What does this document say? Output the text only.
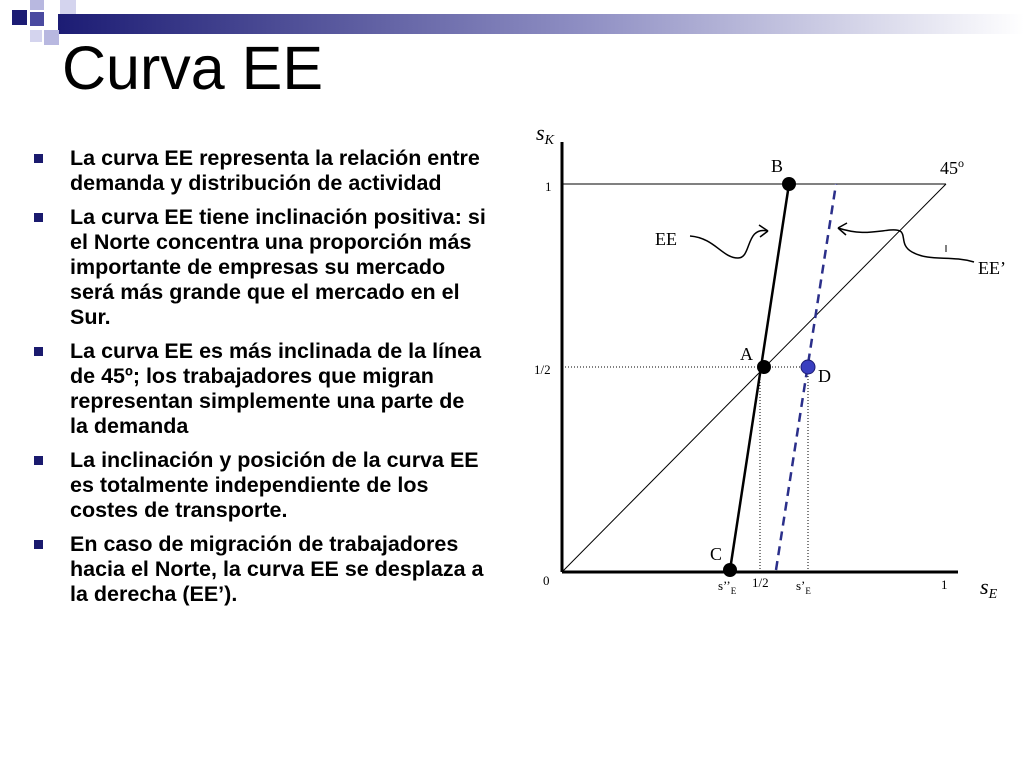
Curva EE
La curva EE representa la relación entre demanda y distribución de actividad
La curva EE tiene inclinación positiva: si el Norte concentra una proporción más importante de empresas su mercado será más grande que el mercado en el Sur.
La curva EE es más inclinada de la línea de 45º; los trabajadores que migran representan simplemente una parte de la demanda
La inclinación y posición de la curva EE es totalmente independiente de los costes de transporte.
En caso de migración de trabajadores hacia el Norte, la curva EE se desplaza a la derecha (EE’).
sK
sE
1
1/2
0	1/2	1
$s’’_E$	$s’_E$
A
B
C
D
45$^o$
EE
EE’
